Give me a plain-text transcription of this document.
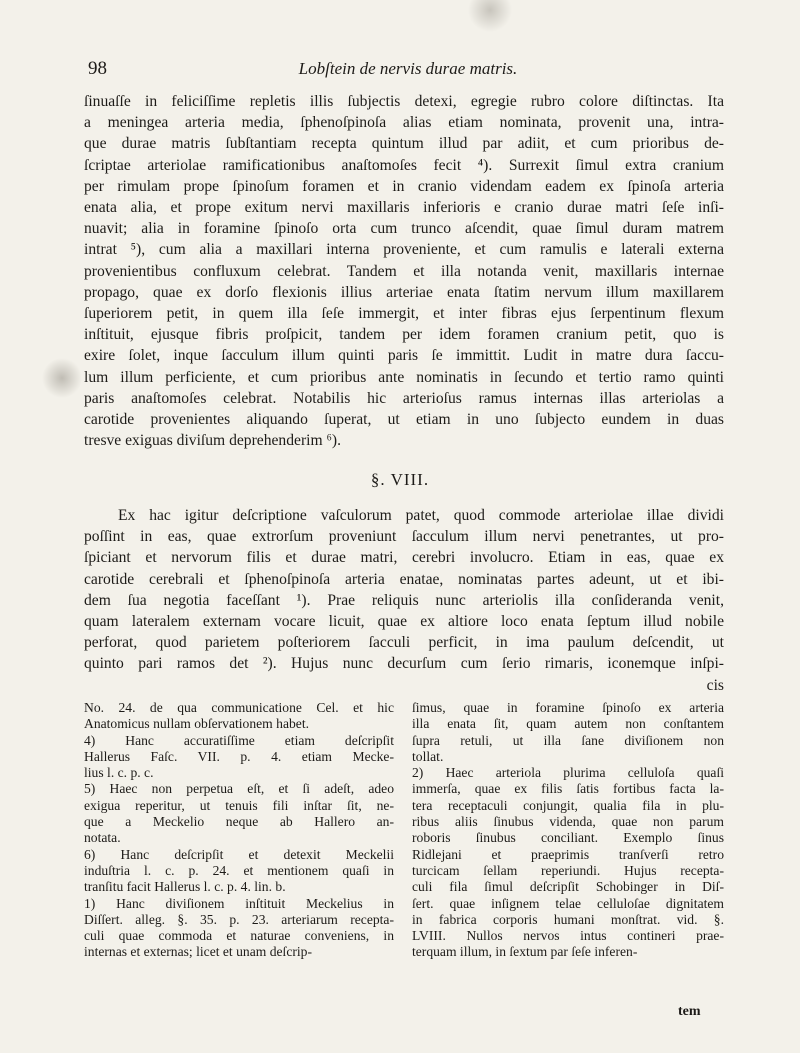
98	Lobſtein de nervis durae matris.
ſinuaſſe in feliciſſime repletis illis ſubjectis detexi, egregie rubro colore diſtinctas. Ita
a meningea arteria media, ſphenoſpinoſa alias etiam nominata, provenit una, intra-
que durae matris ſubſtantiam recepta quintum illud par adiit, et cum prioribus de-
ſcriptae arteriolae ramificationibus anaſtomoſes fecit ⁴). Surrexit ſimul extra cranium
per rimulam prope ſpinoſum foramen et in cranio videndam eadem ex ſpinoſa arteria
enata alia, et prope exitum nervi maxillaris inferioris e cranio durae matri ſeſe inſi-
nuavit; alia in foramine ſpinoſo orta cum trunco aſcendit, quae ſimul duram matrem
intrat ⁵), cum alia a maxillari interna proveniente, et cum ramulis e laterali externa
provenientibus confluxum celebrat. Tandem et illa notanda venit, maxillaris internae
propago, quae ex dorſo flexionis illius arteriae enata ſtatim nervum illum maxillarem
ſuperiorem petit, in quem illa ſeſe immergit, et inter fibras ejus ſerpentinum flexum
inſtituit, ejusque fibris proſpicit, tandem per idem foramen cranium petit, quo is
exire ſolet, inque ſacculum illum quinti paris ſe immittit. Ludit in matre dura ſaccu-
lum illum perficiente, et cum prioribus ante nominatis in ſecundo et tertio ramo quinti
paris anaſtomoſes celebrat. Notabilis hic arterioſus ramus internas illas arteriolas a
carotide provenientes aliquando ſuperat, ut etiam in uno ſubjecto eundem in duas
tresve exiguas diviſum deprehenderim ⁶).
§. VIII.
Ex hac igitur deſcriptione vaſculorum patet, quod commode arteriolae illae dividi
poſſint in eas, quae extrorſum proveniunt ſacculum illum nervi penetrantes, ut pro-
ſpiciant et nervorum filis et durae matri, cerebri involucro. Etiam in eas, quae ex
carotide cerebrali et ſphenoſpinoſa arteria enatae, nominatas partes adeunt, ut et ibi-
dem ſua negotia faceſſant ¹). Prae reliquis nunc arteriolis illa conſideranda venit,
quam lateralem externam vocare licuit, quae ex altiore loco enata ſeptum illud nobile
perforat, quod parietem poſteriorem ſacculi perficit, in ima paulum deſcendit, ut
quinto pari ramos det ²). Hujus nunc decurſum cum ſerio rimaris, iconemque inſpi-
cis
No. 24. de qua communicatione Cel. et hic
Anatomicus nullam obſervationem habet.
4) Hanc accuratiſſime etiam deſcripſit
Hallerus Faſc. VII. p. 4. etiam Mecke-
lius l. c. p. c.
5) Haec non perpetua eſt, et ſi adeſt, adeo
exigua reperitur, ut tenuis fili inſtar ſit, ne-
que a Meckelio neque ab Hallero an-
notata.
6) Hanc deſcripſit et detexit Meckelii
induſtria l. c. p. 24. et mentionem quaſi in
tranſitu facit Hallerus l. c. p. 4. lin. b.
1) Hanc diviſionem inſtituit Meckelius in
Diſſert. alleg. §. 35. p. 23. arteriarum recepta-
culi quae commoda et naturae conveniens, in
internas et externas; licet et unam deſcrip-
ſimus, quae in foramine ſpinoſo ex arteria
illa enata ſit, quam autem non conſtantem
ſupra retuli, ut illa ſane diviſionem non
tollat.
2) Haec arteriola plurima celluloſa quaſi
immerſa, quae ex filis ſatis fortibus facta la-
tera receptaculi conjungit, qualia fila in plu-
ribus aliis ſinubus videnda, quae non parum
roboris ſinubus conciliant. Exemplo ſinus
Ridlejani et praeprimis tranſverſi retro
turcicam ſellam reperiundi. Hujus recepta-
culi fila ſimul deſcripſit Schobinger in Diſ-
ſert. quae inſignem telae celluloſae dignitatem
in fabrica corporis humani monſtrat. vid. §.
LVIII. Nullos nervos intus contineri prae-
terquam illum, in ſextum par ſeſe inferen-
tem
